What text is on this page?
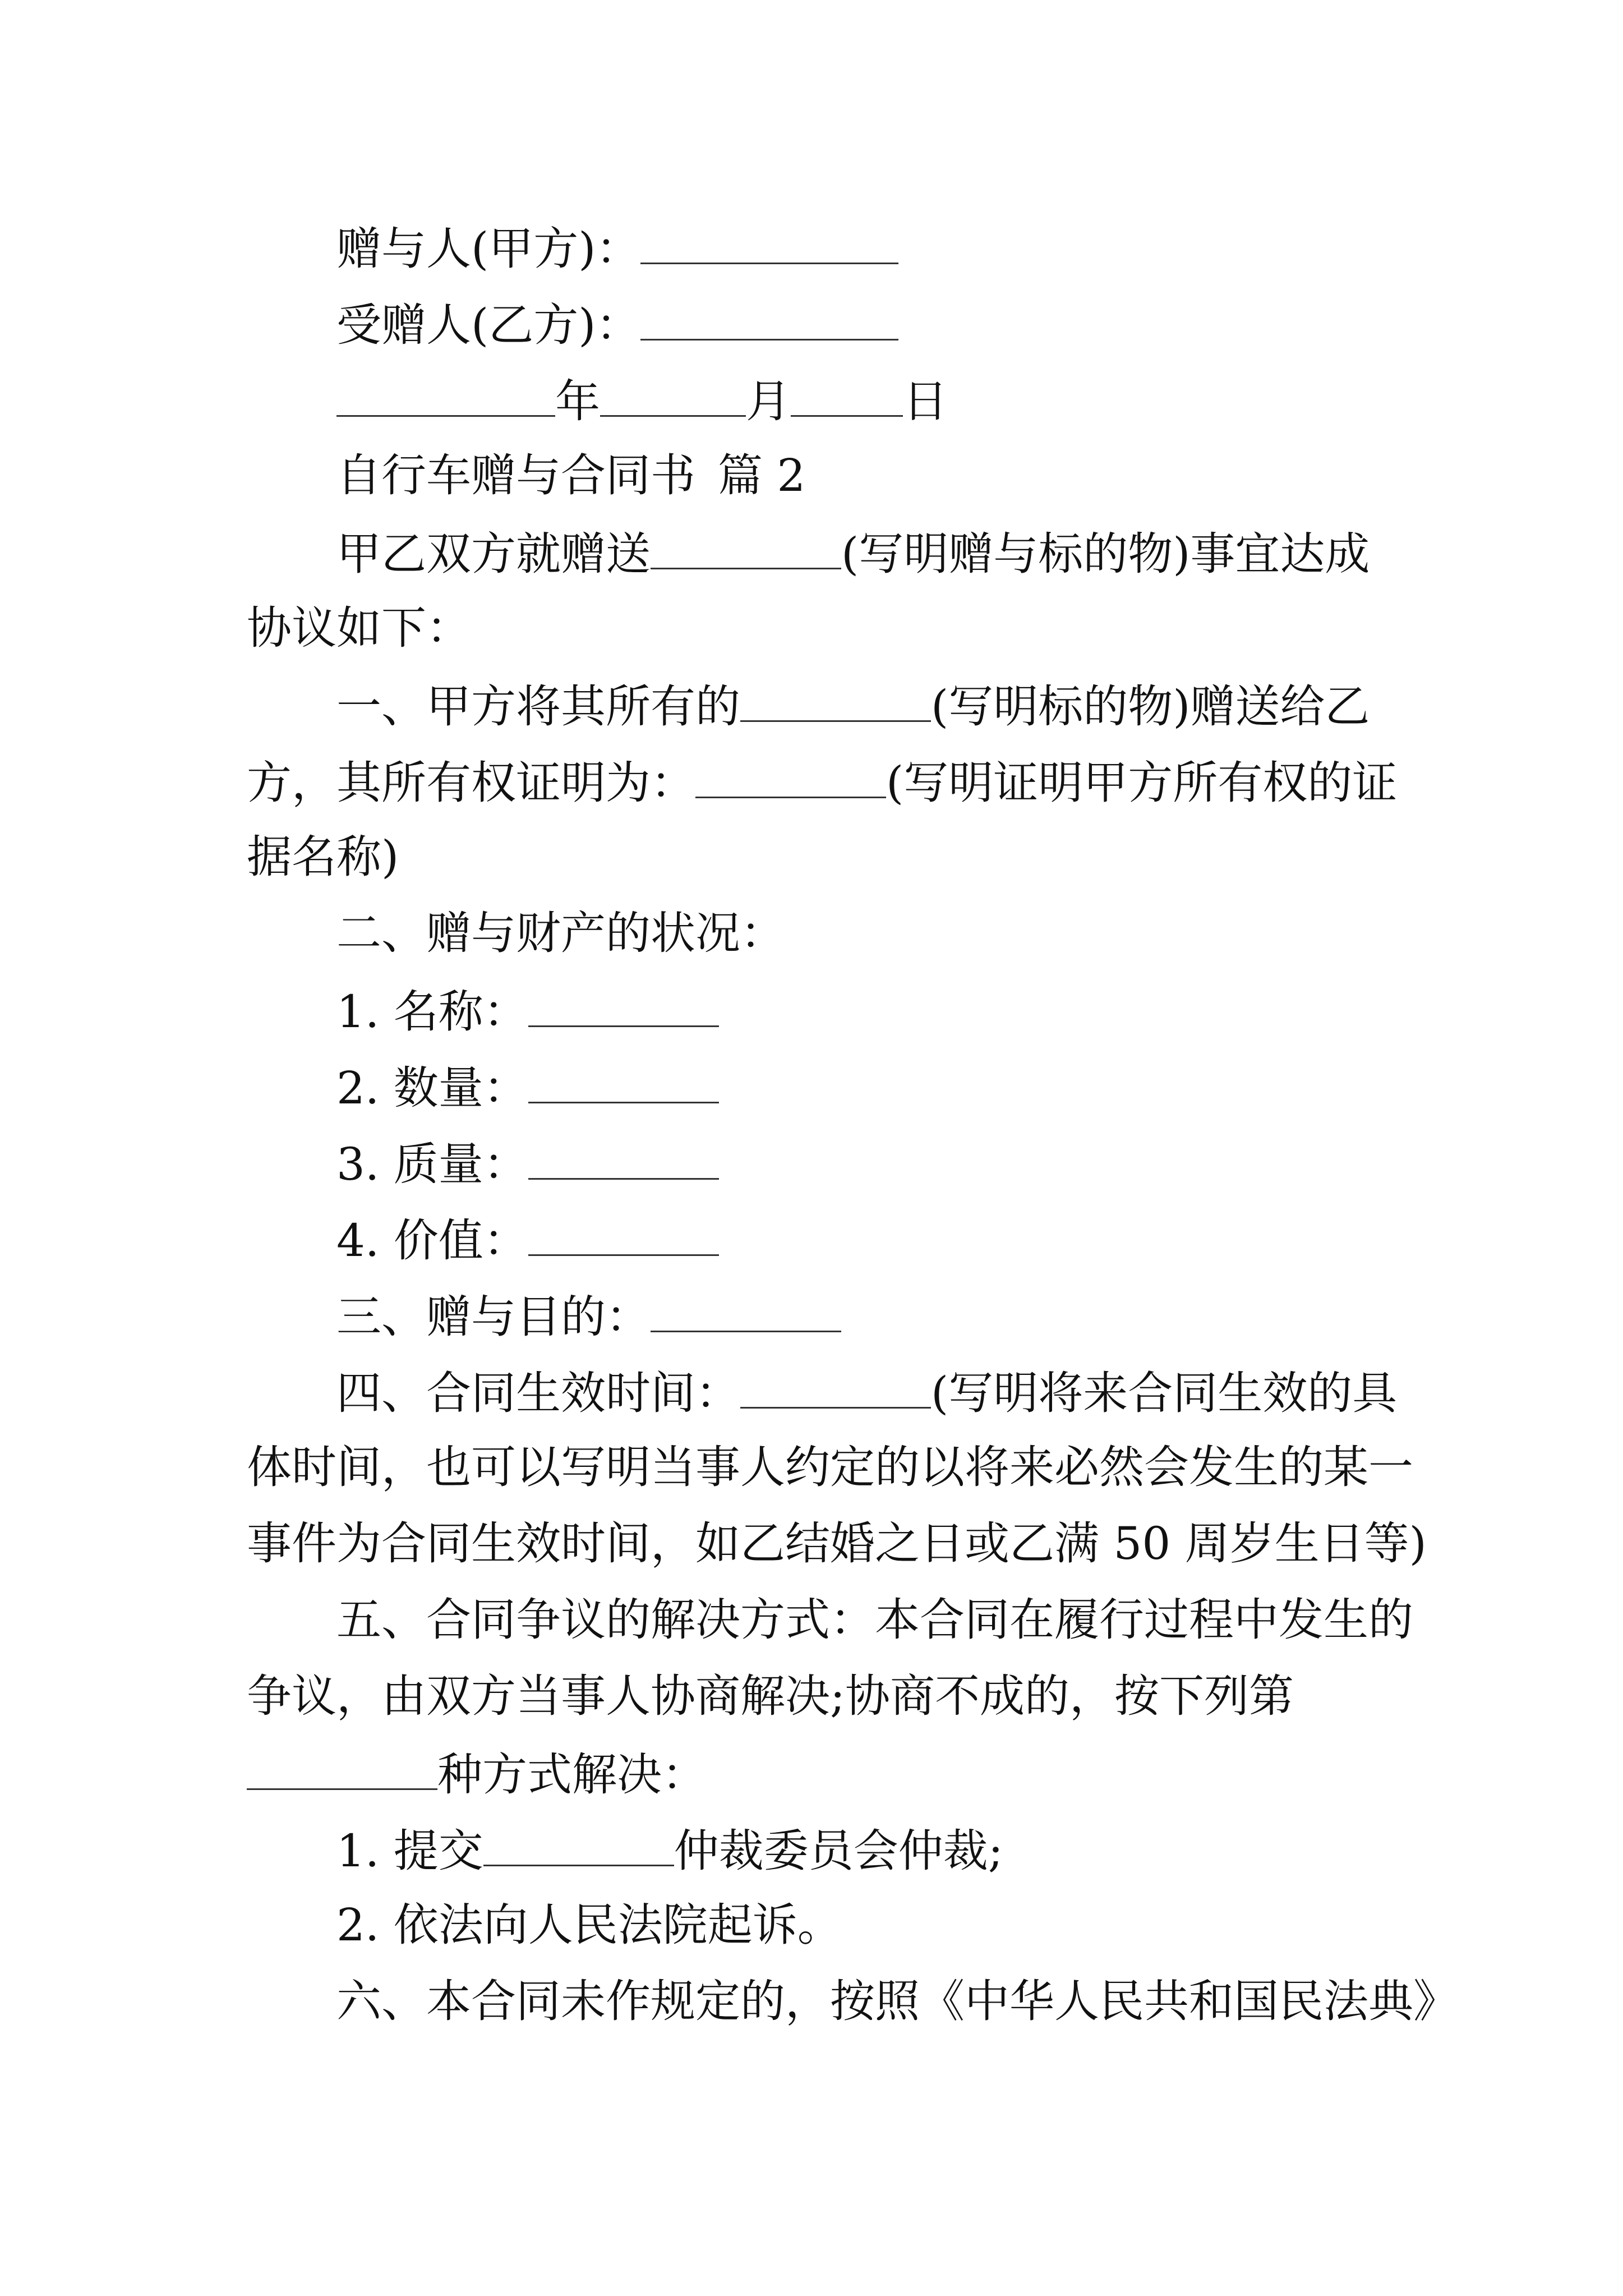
赠与人(甲方)：
受赠人(乙方)：
年	月	日
自行车赠与合同书 篇 2
甲乙双方就赠送	(写明赠与标的物)事宜达成
协议如下：
一、甲方将其所有的	(写明标的物)赠送给乙
方，其所有权证明为：	(写明证明甲方所有权的证
据名称)
二、赠与财产的状况：
1. 名称：
2. 数量：
3. 质量：
4. 价值：
三、赠与目的：
四、合同生效时间：	(写明将来合同生效的具
体时间，也可以写明当事人约定的以将来必然会发生的某一
事件为合同生效时间，如乙结婚之日或乙满 50 周岁生日等)
五、合同争议的解决方式：本合同在履行过程中发生的
争议，由双方当事人协商解决;协商不成的，按下列第
种方式解决：
1. 提交	仲裁委员会仲裁;
2. 依法向人民法院起诉。
六、本合同未作规定的，按照《中华人民共和国民法典》
